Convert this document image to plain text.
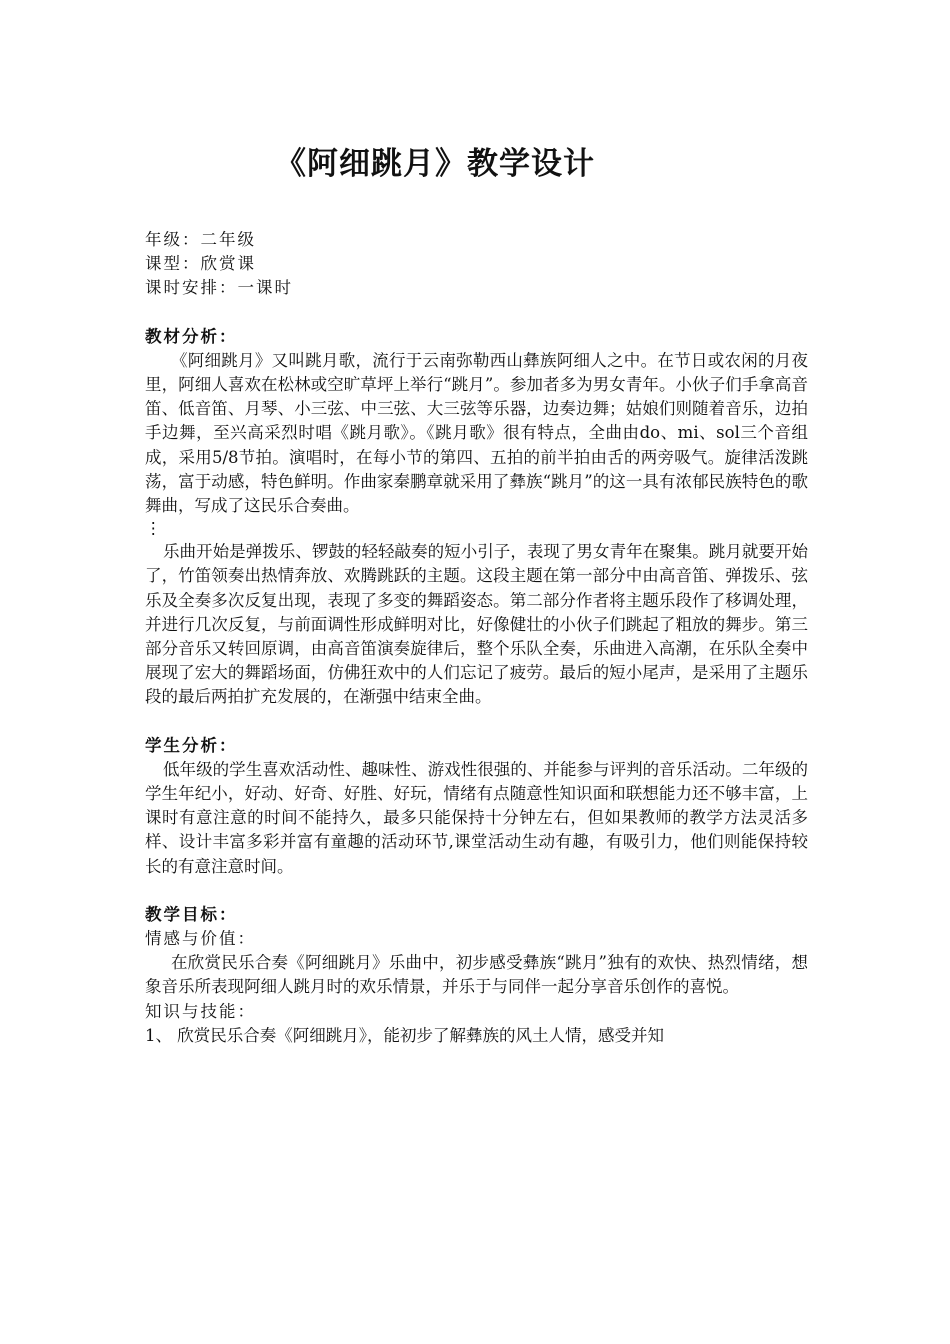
《阿细跳月》教学设计

年级：二年级

课型：欣赏课

课时安排：一课时

教材分析：

《阿细跳月》又叫跳月歌，流行于云南弥勒西山彝族阿细人之中。在节日或农闲的月夜里，阿细人喜欢在松林或空旷草坪上举行“跳月”。参加者多为男女青年。小伙子们手拿高音笛、低音笛、月琴、小三弦、中三弦、大三弦等乐器，边奏边舞；姑娘们则随着音乐，边拍手边舞，至兴高采烈时唱《跳月歌》。《跳月歌》很有特点，全曲由do、mi、sol三个音组成，采用5/8节拍。演唱时，在每小节的第四、五拍的前半拍由舌的两旁吸气。旋律活泼跳荡，富于动感，特色鲜明。作曲家秦鹏章就采用了彝族“跳月”的这一具有浓郁民族特色的歌舞曲，写成了这民乐合奏曲。

⋮

乐曲开始是弹拨乐、锣鼓的轻轻敲奏的短小引子，表现了男女青年在聚集。跳月就要开始了，竹笛领奏出热情奔放、欢腾跳跃的主题。这段主题在第一部分中由高音笛、弹拨乐、弦乐及全奏多次反复出现，表现了多变的舞蹈姿态。第二部分作者将主题乐段作了移调处理，并进行几次反复，与前面调性形成鲜明对比，好像健壮的小伙子们跳起了粗放的舞步。第三部分音乐又转回原调，由高音笛演奏旋律后，整个乐队全奏，乐曲进入高潮，在乐队全奏中展现了宏大的舞蹈场面，仿佛狂欢中的人们忘记了疲劳。最后的短小尾声，是采用了主题乐段的最后两拍扩充发展的，在渐强中结束全曲。

学生分析：

低年级的学生喜欢活动性、趣味性、游戏性很强的、并能参与评判的音乐活动。二年级的学生年纪小，好动、好奇、好胜、好玩，情绪有点随意性知识面和联想能力还不够丰富，上课时有意注意的时间不能持久，最多只能保持十分钟左右，但如果教师的教学方法灵活多样、设计丰富多彩并富有童趣的活动环节,课堂活动生动有趣，有吸引力，他们则能保持较长的有意注意时间。

教学目标：

情感与价值：

在欣赏民乐合奏《阿细跳月》乐曲中，初步感受彝族“跳月”独有的欢快、热烈情绪，想象音乐所表现阿细人跳月时的欢乐情景，并乐于与同伴一起分享音乐创作的喜悦。

知识与技能：

1、 欣赏民乐合奏《阿细跳月》，能初步了解彝族的风土人情，感受并知
